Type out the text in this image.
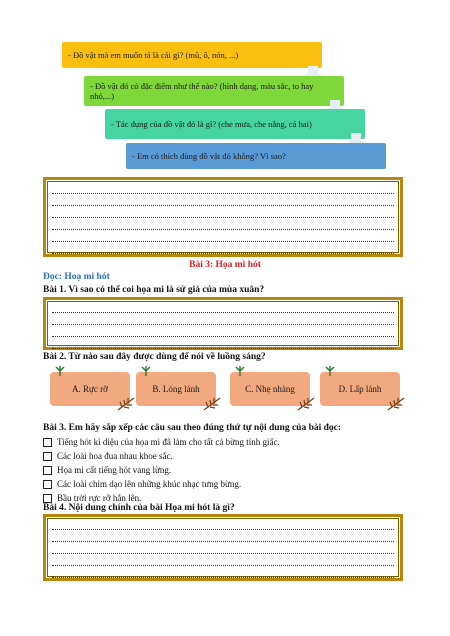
- Đồ vật mà em muốn tả là cái gì? (mũ, ô, nón, ...)
- Đồ vật đó có đặc điểm như thế nào? (hình dạng, màu sắc, to hay nhỏ,...)
- Tác dụng của đồ vật đó là gì? (che mưa, che nắng, cả hai)
- Em có thích dùng đồ vật đó không? Vì sao?
Bài 3: Họa mi hót
Đọc: Hoạ mi hót
Bài 1. Vì sao có thể coi họa mi là sứ giả của mùa xuân?
Bài 2. Từ nào sau đây được dùng để nói về luồng sáng?
A. Rực rỡ	B. Lóng lánh	C. Nhẹ nhàng	D. Lấp lánh
Bài 3. Em hãy sắp xếp các câu sau theo đúng thứ tự nội dung của bài đọc:
Tiếng hót kì diệu của họa mi đã làm cho tất cả bừng tỉnh giấc.
Các loài hoa đua nhau khoe sắc.
Họa mi cất tiếng hót vang lừng.
Các loài chim dạo lên những khúc nhạc tưng bừng.
Bầu trời rực rỡ hẳn lên.
Bài 4. Nội dung chính của bài Họa mi hót là gì?
